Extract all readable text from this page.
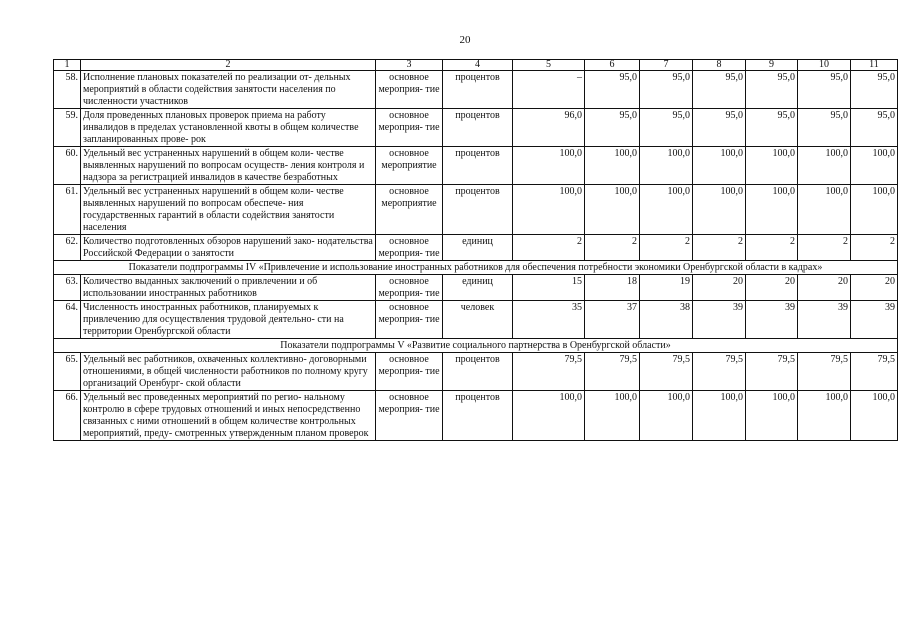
20
1	2	3	4	5	6	7	8	9	10	11
58.	Исполнение плановых показателей по реализации от- дельных мероприятий в области содействия занятости населения по численности участников	основное мероприя- тие	процентов	–	95,0	95,0	95,0	95,0	95,0	95,0
59.	Доля проведенных плановых проверок приема на работу инвалидов в пределах установленной квоты в общем количестве запланированных прове- рок	основное мероприя- тие	процентов	96,0	95,0	95,0	95,0	95,0	95,0	95,0
60.	Удельный вес устраненных нарушений в общем коли- честве выявленных нарушений по вопросам осуществ- ления контроля и надзора за регистрацией инвалидов в качестве безработных	основное мероприятие	процентов	100,0	100,0	100,0	100,0	100,0	100,0	100,0
61.	Удельный вес устраненных нарушений в общем коли- честве выявленных нарушений по вопросам обеспече- ния государственных гарантий в области содействия занятости населения	основное мероприятие	процентов	100,0	100,0	100,0	100,0	100,0	100,0	100,0
62.	Количество подготовленных обзоров нарушений зако- нодательства Российской Федерации о занятости	основное мероприя- тие	единиц	2	2	2	2	2	2	2
Показатели подпрограммы IV «Привлечение и использование иностранных работников для обеспечения потребности экономики Оренбургской области в кадрах»										
63.	Количество выданных заключений о привлечении и об использовании иностранных работников	основное мероприя- тие	единиц	15	18	19	20	20	20	20
64.	Численность иностранных работников, планируемых к привлечению для осуществления трудовой деятельно- сти на территории Оренбургской области	основное мероприя- тие	человек	35	37	38	39	39	39	39
Показатели подпрограммы V «Развитие социального партнерства в Оренбургской области»										
65.	Удельный вес работников, охваченных коллективно- договорными отношениями, в общей численности работников по полному кругу организаций Оренбург- ской области	основное мероприя- тие	процентов	79,5	79,5	79,5	79,5	79,5	79,5	79,5
66.	Удельный вес проведенных мероприятий по регио- нальному контролю в сфере трудовых отношений и иных непосредственно связанных с ними отношений в общем количестве контрольных мероприятий, преду- смотренных утвержденным планом проверок	основное мероприя- тие	процентов	100,0	100,0	100,0	100,0	100,0	100,0	100,0
